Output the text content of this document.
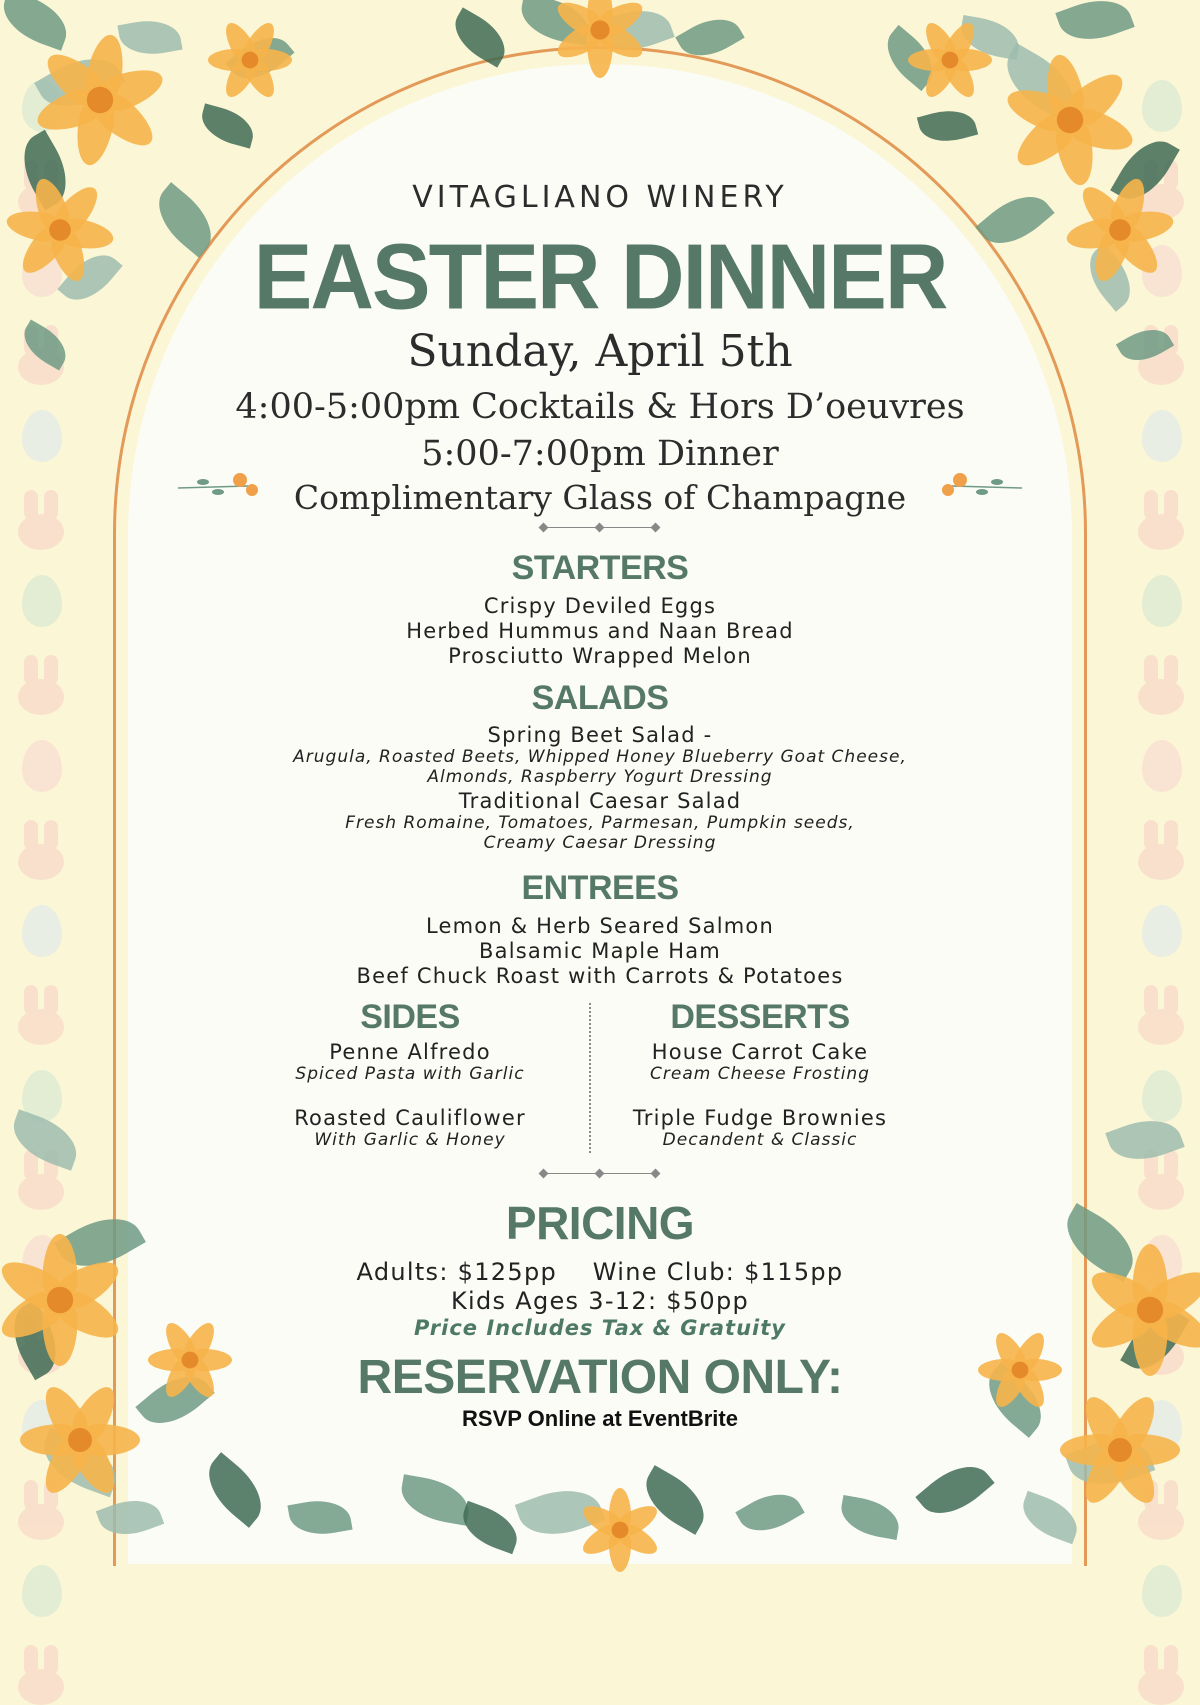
VITAGLIANO WINERY
EASTER DINNER
Sunday, April 5th
4:00-5:00pm Cocktails & Hors D’oeuvres
5:00-7:00pm Dinner
Complimentary Glass of Champagne
STARTERS
Crispy Deviled Eggs
Herbed Hummus and Naan Bread
Prosciutto Wrapped Melon
SALADS
Spring Beet Salad -
Arugula, Roasted Beets, Whipped Honey Blueberry Goat Cheese,
Almonds, Raspberry Yogurt Dressing
Traditional Caesar Salad
Fresh Romaine, Tomatoes, Parmesan, Pumpkin seeds,
Creamy Caesar Dressing
ENTREES
Lemon & Herb Seared Salmon
Balsamic Maple Ham
Beef Chuck Roast with Carrots & Potatoes
SIDES
Penne Alfredo
Spiced Pasta with Garlic
Roasted Cauliflower
With Garlic & Honey
DESSERTS
House Carrot Cake
Cream Cheese Frosting
Triple Fudge Brownies
Decandent & Classic
PRICING
Adults: $125pp Wine Club: $115pp
Kids Ages 3-12: $50pp
Price Includes Tax & Gratuity
RESERVATION ONLY:
RSVP Online at EventBrite
